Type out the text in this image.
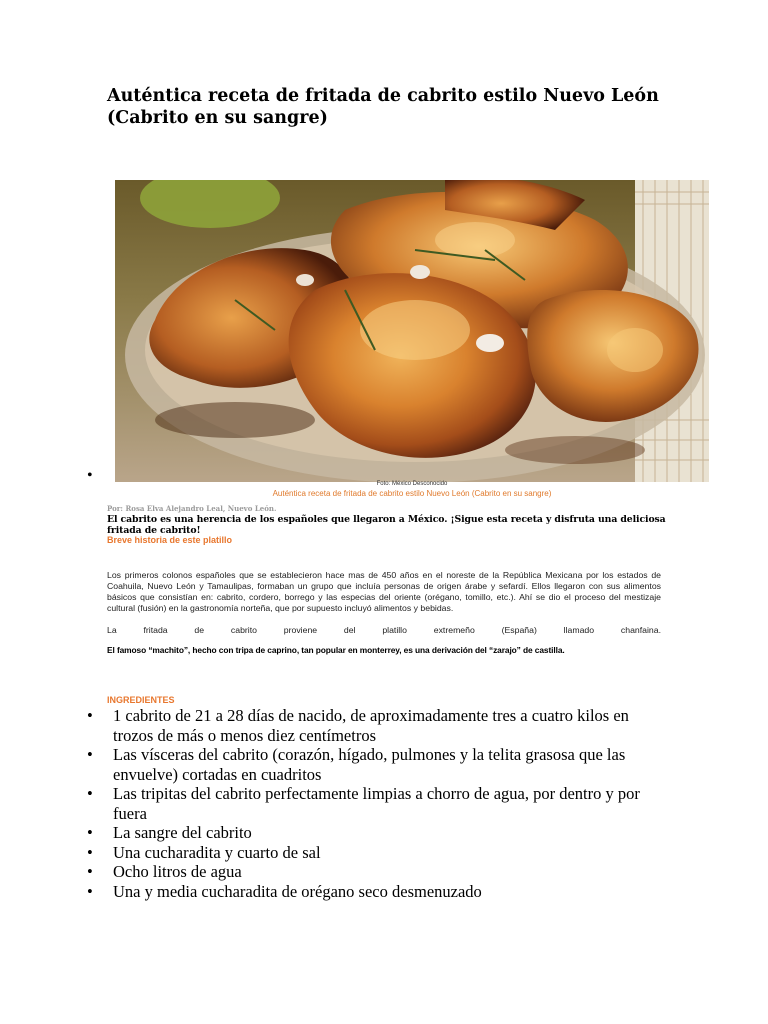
Auténtica receta de fritada de cabrito estilo Nuevo León (Cabrito en su sangre)
•	Foto: México Desconocido
Auténtica receta de fritada de cabrito estilo Nuevo León (Cabrito en su sangre)
Por: Rosa Elva Alejandro Leal, Nuevo León.

El cabrito es una herencia de los españoles que llegaron a México. ¡Sigue esta receta y disfruta una deliciosa fritada de cabrito!

Breve historia de este platillo

Los primeros colonos españoles que se establecieron hace mas de 450 años en el noreste de la República Mexicana por los estados de Coahuila, Nuevo León y Tamaulipas, formaban un grupo que incluía personas de origen árabe y sefardí. Ellos llegaron con sus alimentos básicos que consistían en: cabrito, cordero, borrego y las especias del oriente (orégano, tomillo, etc.). Ahí se dio el proceso del mestizaje cultural (fusión) en la gastronomía norteña, que por supuesto incluyó alimentos y bebidas.

La fritada de cabrito proviene del platillo extremeño (España) llamado chanfaina.

El famoso “machito”, hecho con tripa de caprino, tan popular en monterrey, es una derivación del “zarajo” de castilla.

INGREDIENTES
• 1 cabrito de 21 a 28 días de nacido, de aproximadamente tres a cuatro kilos en trozos de más o menos diez centímetros
• Las vísceras del cabrito (corazón, hígado, pulmones y la telita grasosa que las envuelve) cortadas en cuadritos
• Las tripitas del cabrito perfectamente limpias a chorro de agua, por dentro y por fuera
• La sangre del cabrito
• Una cucharadita y cuarto de sal
• Ocho litros de agua
• Una y media cucharadita de orégano seco desmenuzado
